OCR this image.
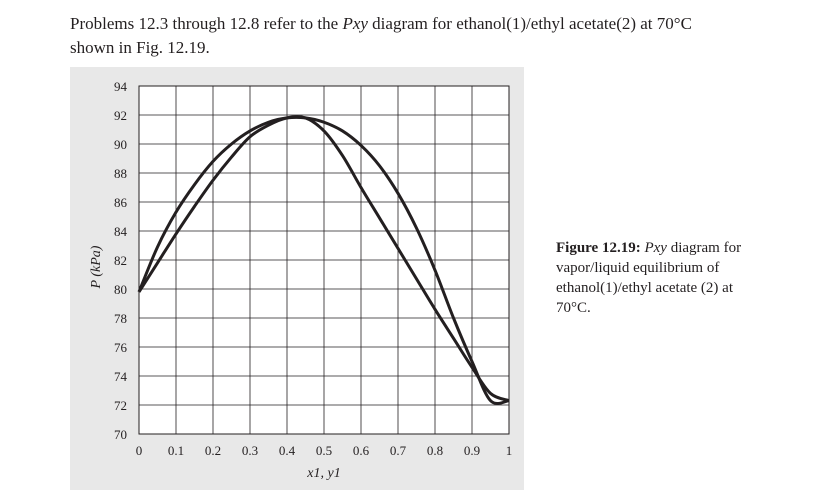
Problems 12.3 through 12.8 refer to the Pxy diagram for ethanol(1)/ethyl acetate(2) at 70°C
shown in Fig. 12.19.
70
72
74
76
78
80
82
84
86
88
90
92
94
0 0.1 0.2 0.3 0.4 0.5 0.6 0.7 0.8 0.9 1
P (kPa)
x1, y1
Figure 12.19: Pxy diagram for vapor/liquid equilibrium of ethanol(1)/ethyl acetate (2) at 70°C.
